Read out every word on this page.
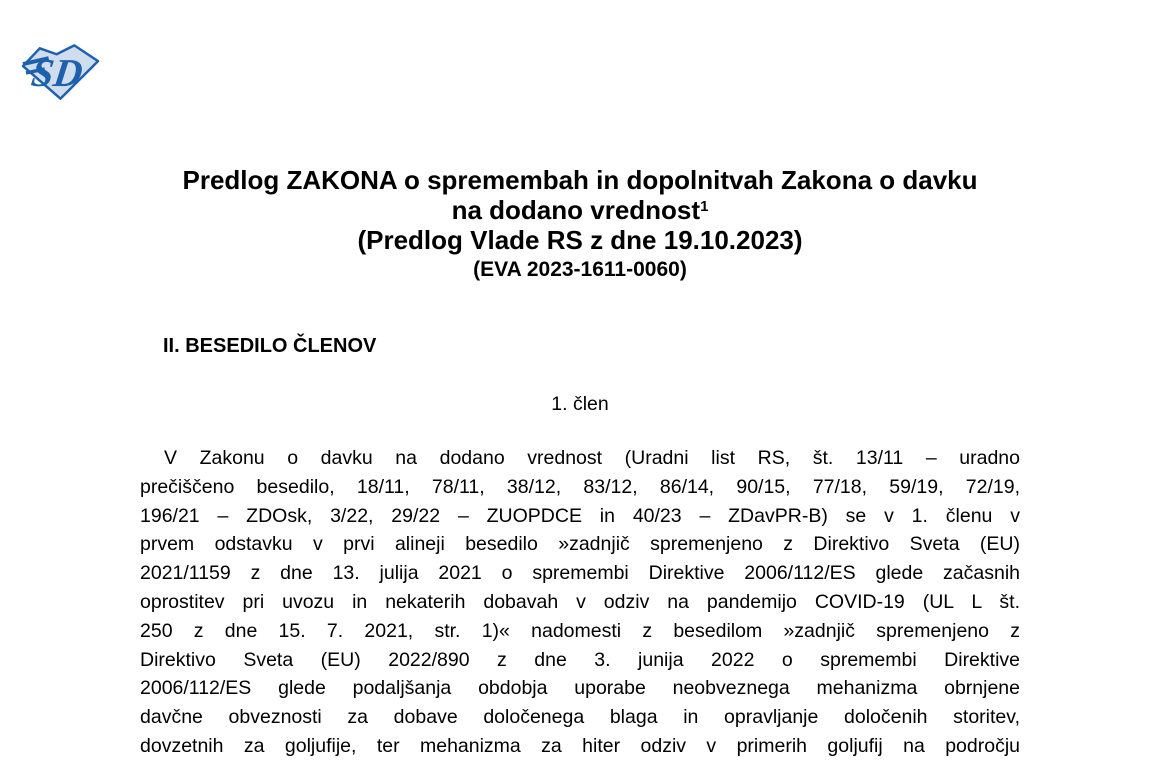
SD
Predlog ZAKONA o spremembah in dopolnitvah Zakona o davku
na dodano vrednost$^1$
(Predlog Vlade RS z dne 19.10.2023)
(EVA 2023-1611-0060)
II. BESEDILO ČLENOV
1. člen
V Zakonu o davku na dodano vrednost (Uradni list RS, št. 13/11 – uradno
prečiščeno besedilo, 18/11, 78/11, 38/12, 83/12, 86/14, 90/15, 77/18, 59/19, 72/19,
196/21 – ZDOsk, 3/22, 29/22 – ZUOPDCE in 40/23 – ZDavPR-B) se v 1. členu v
prvem odstavku v prvi alineji besedilo »zadnjič spremenjeno z Direktivo Sveta (EU)
2021/1159 z dne 13. julija 2021 o spremembi Direktive 2006/112/ES glede začasnih
oprostitev pri uvozu in nekaterih dobavah v odziv na pandemijo COVID-19 (UL L št.
250 z dne 15. 7. 2021, str. 1)« nadomesti z besedilom »zadnjič spremenjeno z
Direktivo Sveta (EU) 2022/890 z dne 3. junija 2022 o spremembi Direktive
2006/112/ES glede podaljšanja obdobja uporabe neobveznega mehanizma obrnjene
davčne obveznosti za dobave določenega blaga in opravljanje določenih storitev,
dovzetnih za goljufije, ter mehanizma za hiter odziv v primerih goljufij na področju
